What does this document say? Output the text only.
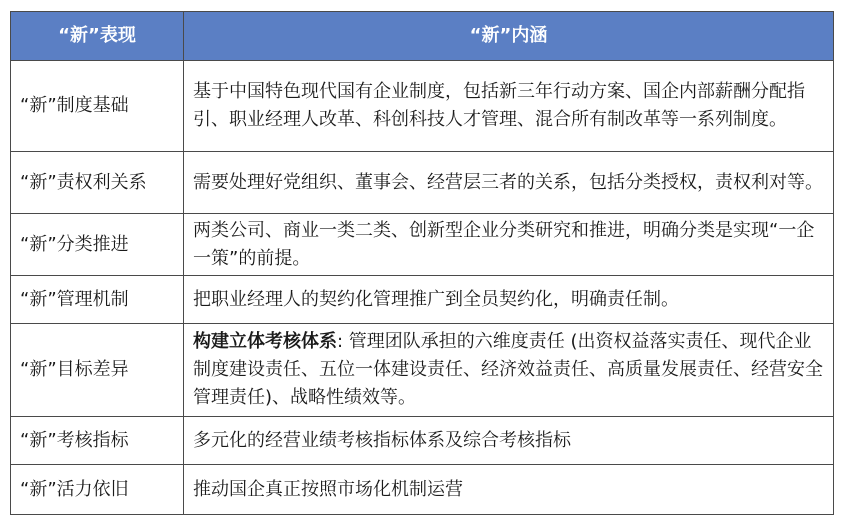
“新”表现	“新”内涵
“新”制度基础	基于中国特色现代国有企业制度，包括新三年行动方案、国企内部薪酬分配指引、职业经理人改革、科创科技人才管理、混合所有制改革等一系列制度。
“新”责权利关系	需要处理好党组织、董事会、经营层三者的关系，包括分类授权，责权利对等。
“新”分类推进	两类公司、商业一类二类、创新型企业分类研究和推进，明确分类是实现“一企一策”的前提。
“新”管理机制	把职业经理人的契约化管理推广到全员契约化，明确责任制。
“新”目标差异	构建立体考核体系: 管理团队承担的六维度责任 (出资权益落实责任、现代企业制度建设责任、五位一体建设责任、经济效益责任、高质量发展责任、经营安全管理责任)、战略性绩效等。
“新”考核指标	多元化的经营业绩考核指标体系及综合考核指标
“新”活力依旧	推动国企真正按照市场化机制运营
